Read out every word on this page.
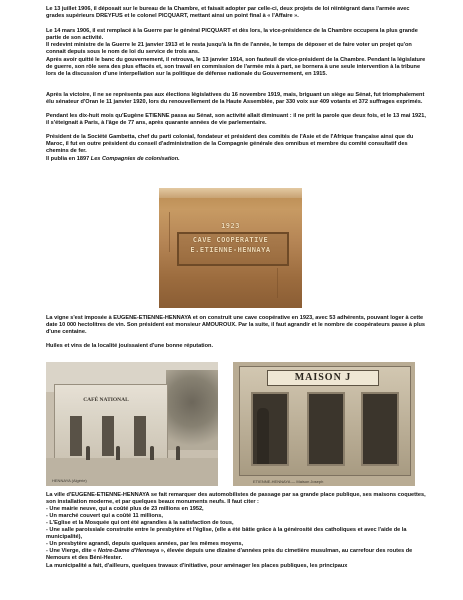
Le 13 juillet 1906, il déposait sur le bureau de la Chambre, et faisait adopter par celle-ci, deux projets de loi réintégrant dans l'armée avec grades supérieurs DREYFUS et le colonel PICQUART, mettant ainsi un point final à « l'Affaire ».

Le 14 mars 1906, il est remplacé à la Guerre par le général PICQUART et dès lors, la vice-présidence de la Chambre occupera la plus grande partie de son activité.

Il redevint ministre de la Guerre le 21 janvier 1913 et le resta jusqu'à la fin de l'année, le temps de déposer et de faire voter un projet qu'on connait depuis sous le nom de loi du service de trois ans.

Après avoir quitté le banc du gouvernement, il retrouva, le 13 janvier 1914, son fauteuil de vice-président de la Chambre. Pendant la législature de guerre, son rôle sera des plus effacés et, son travail en commission de l'armée mis à part, se bornera à une seule intervention à la tribune lors de la discussion d'une interpellation sur la politique de défense nationale du Gouvernement, en 1915.

Après la victoire, il ne se représenta pas aux élections législatives du 16 novembre 1919, mais, briguant un siège au Sénat, fut triomphalement élu sénateur d'Oran le 11 janvier 1920, lors du renouvellement de la Haute Assemblée, par 330 voix sur 409 votants et 372 suffrages exprimés.

Pendant les dix-huit mois qu'Eugène ETIENNE passa au Sénat, son activité allait diminuant : il ne prit la parole que deux fois, et le 13 mai 1921, il s'éteignait à Paris, à l'âge de 77 ans, après quarante années de vie parlementaire.

Président de la Société Gambetta, chef du parti colonial, fondateur et président des comités de l'Asie et de l'Afrique française ainsi que du Maroc, il fut en outre président du conseil d'administration de la Compagnie générale des omnibus et membre du comité consultatif des chemins de fer.

Il publia en 1897 Les Compagnies de colonisation.

1923
CAVE COOPERATIVE
E.ETIENNE-HENNAYA

La vigne s'est imposée à EUGENE-ETIENNE-HENNAYA et on construit une cave coopérative en 1923, avec 53 adhérents, pouvant loger à cette date 10 000 hectolitres de vin. Son président est monsieur AMOUROUX. Par la suite, il faut agrandir et le nombre de coopérateurs passe à plus d'une centaine.

Huiles et vins de la localité jouissaient d'une bonne réputation.

CAFÉ NATIONAL
HENNAYA (Algérie)
MAISON J
ETIENNE-HENNAYA — Maison Joseph

La ville d'EUGENE-ETIENNE-HENNAYA se fait remarquer des automobilistes de passage par sa grande place publique, ses maisons coquettes, son installation moderne, et par quelques beaux monuments neufs. Il faut citer :

- Une mairie neuve, qui a coûté plus de 23 millions en 1952,

- Un marché couvert qui a coûté 11 millions,

- L'Eglise et la Mosquée qui ont été agrandies à la satisfaction de tous,

- Une salle paroissiale construite entre le presbytère et l'église, (elle a été bâtie grâce à la générosité des catholiques et avec l'aide de la municipalité),

- Un presbytère agrandi, depuis quelques années, par les mêmes moyens,

- Une Vierge, dite « Notre-Dame d'Hennaya », élevée depuis une dizaine d'années près du cimetière musulman, au carrefour des routes de Nemours et des Béni-Hester.

La municipalité a fait, d'ailleurs, quelques travaux d'initiative, pour aménager les places publiques, les principaux
